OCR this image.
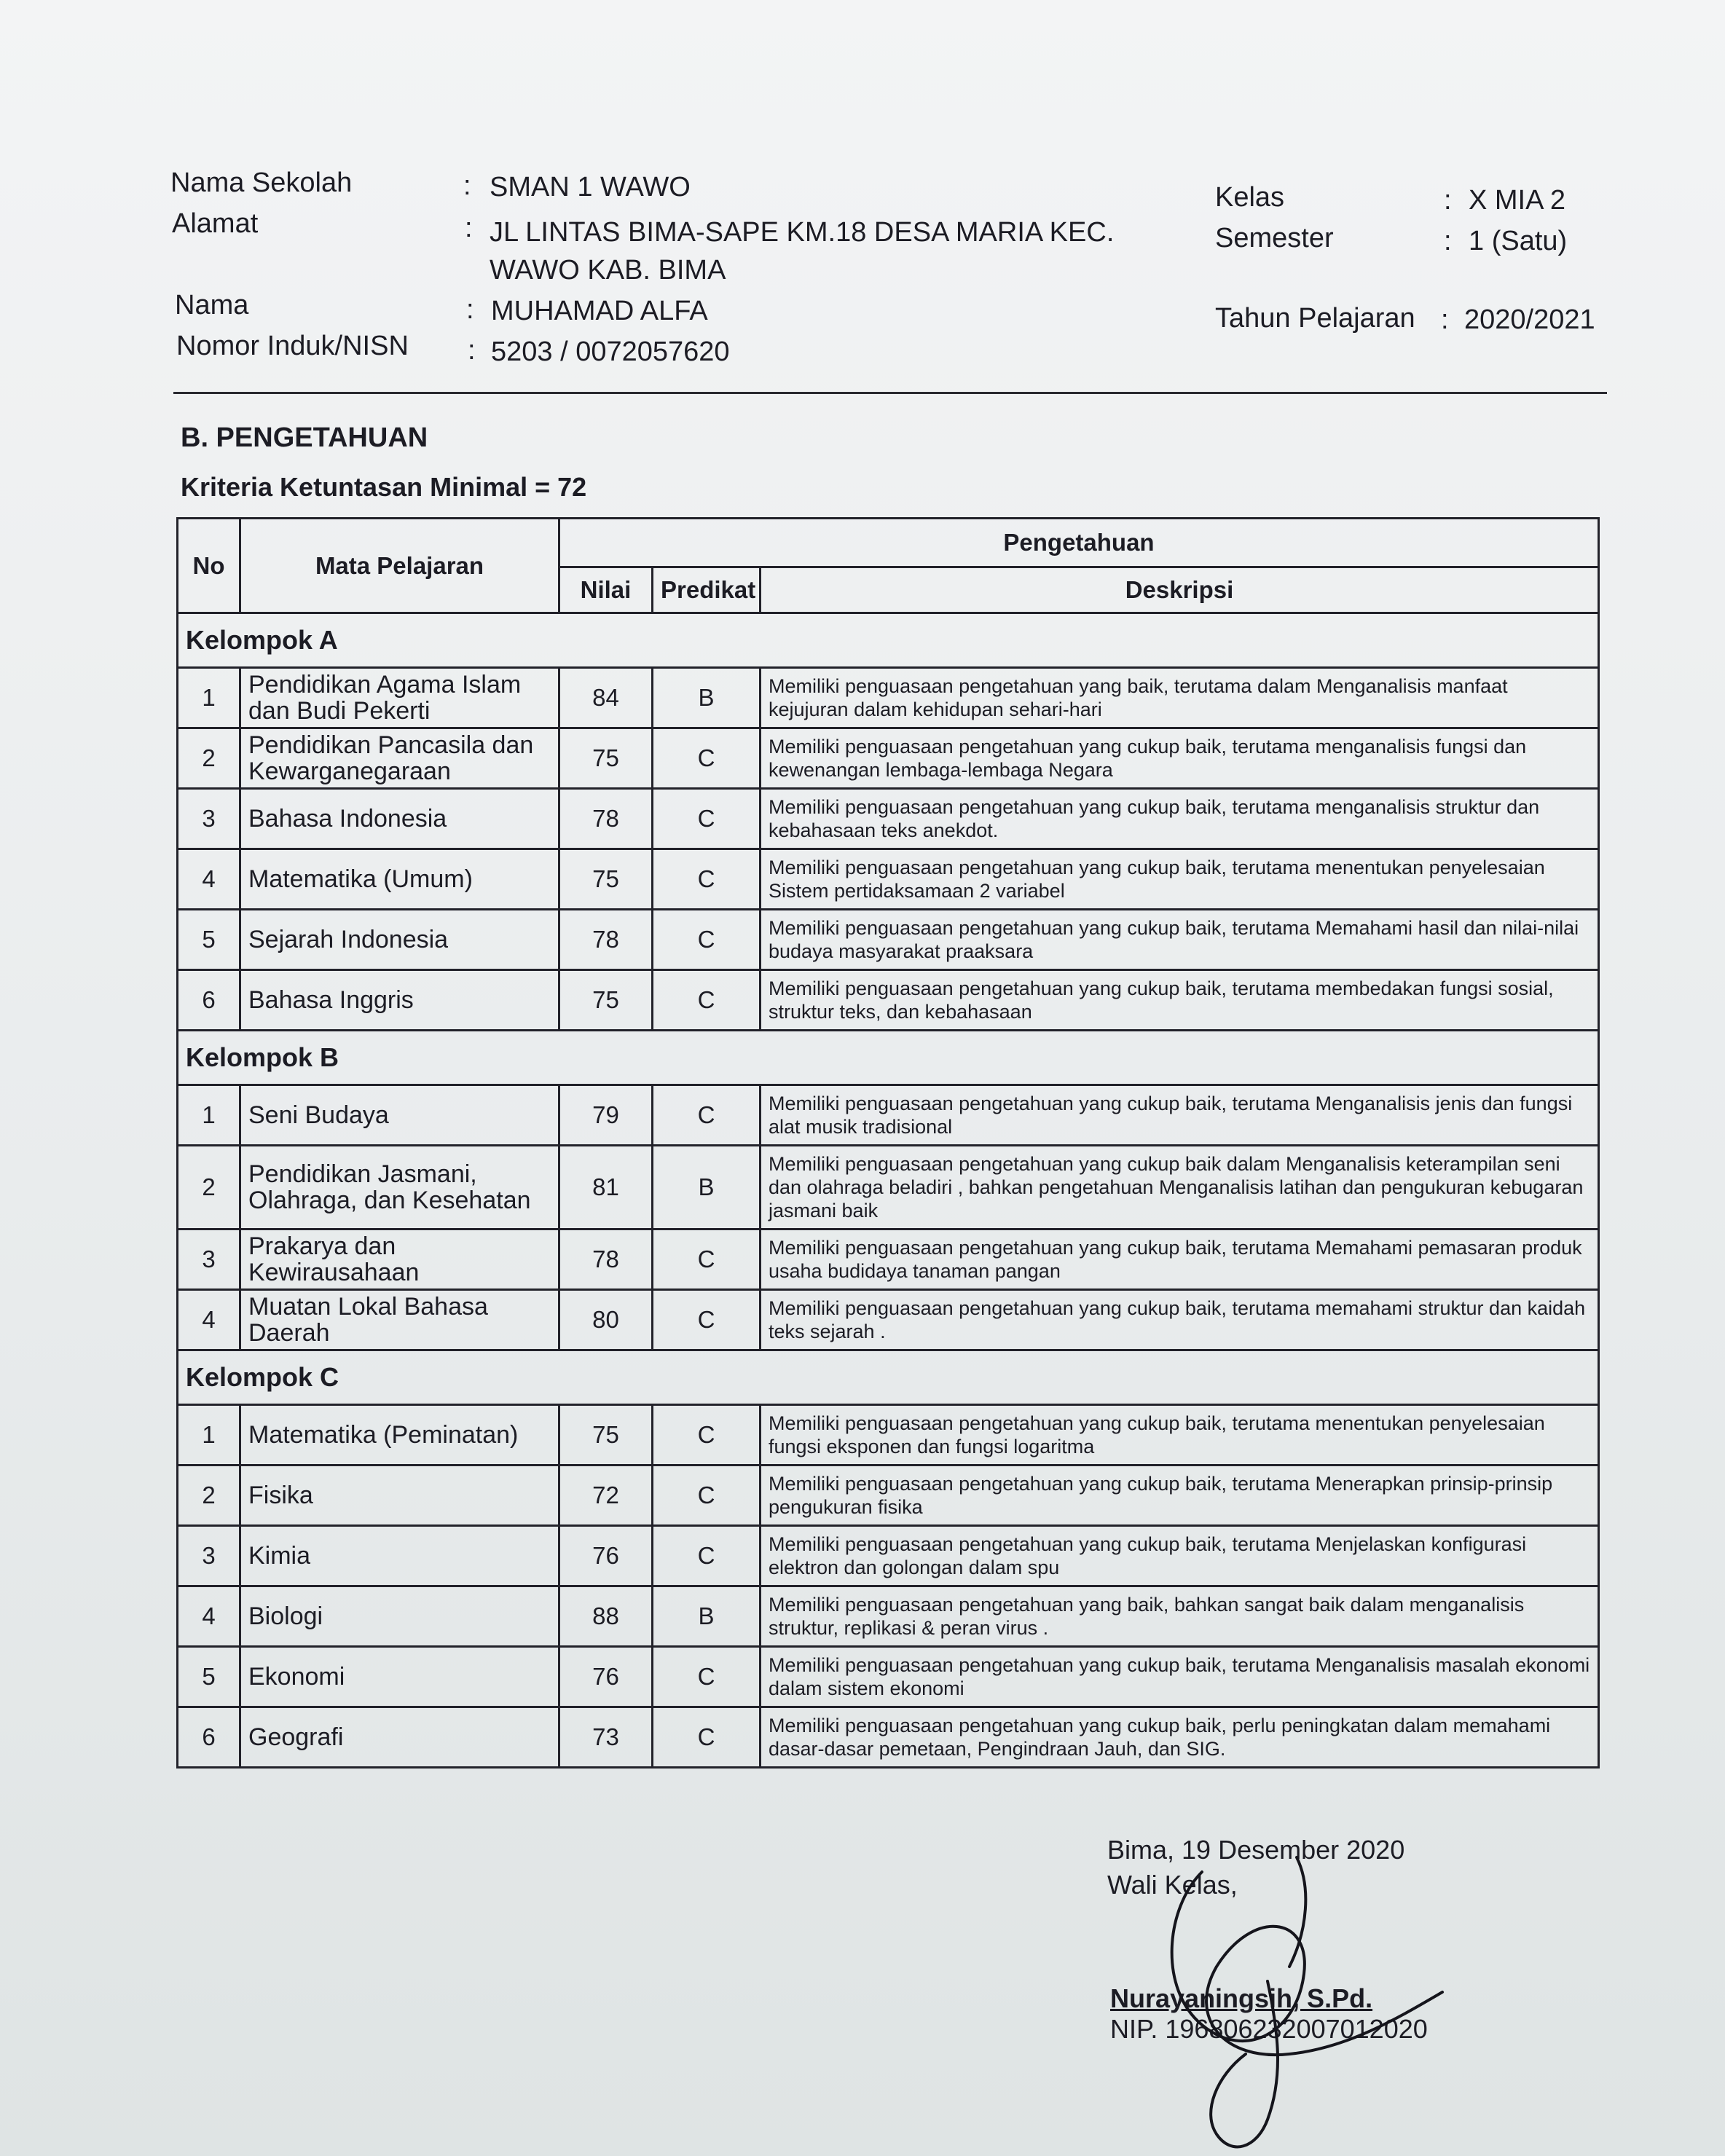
Nama Sekolah	: SMAN 1 WAWO
Alamat	: JL LINTAS BIMA-SAPE KM.18 DESA MARIA KEC.
WAWO KAB. BIMA
Nama	: MUHAMAD ALFA
Nomor Induk/NISN : 5203 / 0072057620
Kelas	: X MIA 2
Semester	: 1 (Satu)
Tahun Pelajaran : 2020/2021
B. PENGETAHUAN
Kriteria Ketuntasan Minimal = 72
No	Mata Pelajaran	Pengetahuan		
		Nilai	Predikat	Deskripsi
Kelompok A				
1	Pendidikan Agama Islam dan Budi Pekerti	84	B	Memiliki penguasaan pengetahuan yang baik, terutama dalam Menganalisis manfaat kejujuran dalam kehidupan sehari-hari
2	Pendidikan Pancasila dan Kewarganegaraan	75	C	Memiliki penguasaan pengetahuan yang cukup baik, terutama menganalisis fungsi dan kewenangan lembaga-lembaga Negara
3	Bahasa Indonesia	78	C	Memiliki penguasaan pengetahuan yang cukup baik, terutama menganalisis struktur dan kebahasaan teks anekdot.
4	Matematika (Umum)	75	C	Memiliki penguasaan pengetahuan yang cukup baik, terutama menentukan penyelesaian Sistem pertidaksamaan 2 variabel
5	Sejarah Indonesia	78	C	Memiliki penguasaan pengetahuan yang cukup baik, terutama Memahami hasil dan nilai-nilai budaya masyarakat praaksara
6	Bahasa Inggris	75	C	Memiliki penguasaan pengetahuan yang cukup baik, terutama membedakan fungsi sosial, struktur teks, dan kebahasaan
Kelompok B				
1	Seni Budaya	79	C	Memiliki penguasaan pengetahuan yang cukup baik, terutama Menganalisis jenis dan fungsi alat musik tradisional
2	Pendidikan Jasmani, Olahraga, dan Kesehatan	81	B	Memiliki penguasaan pengetahuan yang cukup baik dalam Menganalisis keterampilan seni dan olahraga beladiri , bahkan pengetahuan Menganalisis latihan dan pengukuran kebugaran jasmani baik
3	Prakarya dan Kewirausahaan	78	C	Memiliki penguasaan pengetahuan yang cukup baik, terutama Memahami pemasaran produk usaha budidaya tanaman pangan
4	Muatan Lokal Bahasa Daerah	80	C	Memiliki penguasaan pengetahuan yang cukup baik, terutama memahami struktur dan kaidah teks sejarah .
Kelompok C				
1	Matematika (Peminatan)	75	C	Memiliki penguasaan pengetahuan yang cukup baik, terutama menentukan penyelesaian fungsi eksponen dan fungsi logaritma
2	Fisika	72	C	Memiliki penguasaan pengetahuan yang cukup baik, terutama Menerapkan prinsip-prinsip pengukuran fisika
3	Kimia	76	C	Memiliki penguasaan pengetahuan yang cukup baik, terutama Menjelaskan konfigurasi elektron dan golongan dalam spu
4	Biologi	88	B	Memiliki penguasaan pengetahuan yang baik, bahkan sangat baik dalam menganalisis struktur, replikasi & peran virus .
5	Ekonomi	76	C	Memiliki penguasaan pengetahuan yang cukup baik, terutama Menganalisis masalah ekonomi dalam sistem ekonomi
6	Geografi	73	C	Memiliki penguasaan pengetahuan yang cukup baik, perlu peningkatan dalam memahami dasar-dasar pemetaan, Pengindraan Jauh, dan SIG.
Bima, 19 Desember 2020
Wali Kelas,
Nurayaningsih, S.Pd.
NIP. 196806232007012020
